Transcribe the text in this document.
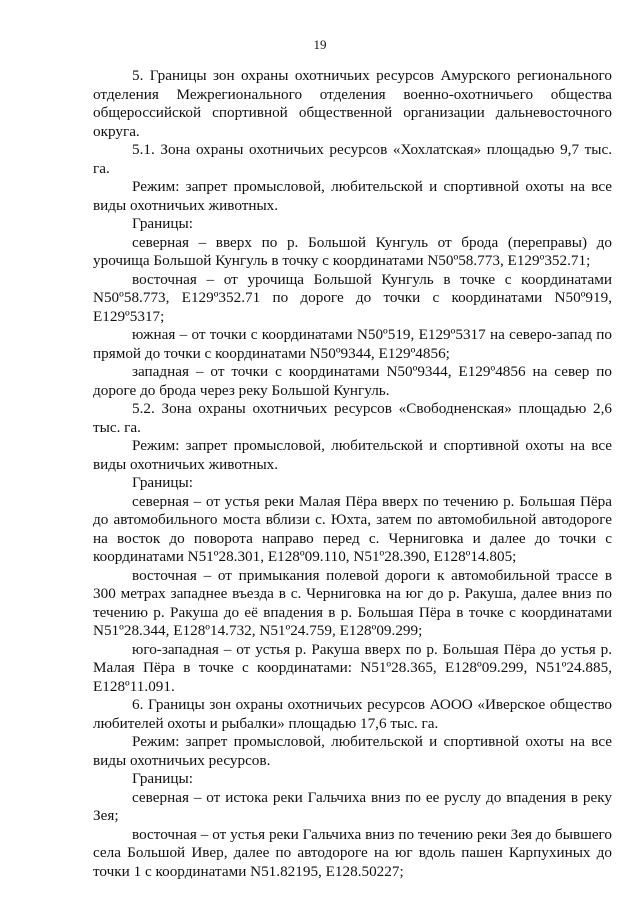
19

5. Границы зон охраны охотничьих ресурсов Амурского регионального отделения Межрегионального отделения военно-охотничьего общества общероссийской спортивной общественной организации дальневосточного округа.

5.1. Зона охраны охотничьих ресурсов «Хохлатская» площадью 9,7 тыс. га.

Режим: запрет промысловой, любительской и спортивной охоты на все виды охотничьих животных.

Границы:

северная – вверх по р. Большой Кунгуль от брода (переправы) до урочища Большой Кунгуль в точку с координатами N50º58.773, E129º352.71;

восточная – от урочища Большой Кунгуль в точке с координатами N50º58.773, E129º352.71 по дороге до точки с координатами N50º919, E129º5317;

южная – от точки с координатами N50º519, E129º5317 на северо-запад по прямой до точки с координатами N50º9344, E129º4856;

западная – от точки с координатами N50º9344, E129º4856 на север по дороге до брода через реку Большой Кунгуль.

5.2. Зона охраны охотничьих ресурсов «Свободненская» площадью 2,6 тыс. га.

Режим: запрет промысловой, любительской и спортивной охоты на все виды охотничьих животных.

Границы:

северная – от устья реки Малая Пёра вверх по течению р. Большая Пёра до автомобильного моста вблизи с. Юхта, затем по автомобильной автодороге на восток до поворота направо перед с. Черниговка и далее до точки с координатами N51º28.301, E128º09.110, N51º28.390, E128º14.805;

восточная – от примыкания полевой дороги к автомобильной трассе в 300 метрах западнее въезда в с. Черниговка на юг до р. Ракуша, далее вниз по течению р. Ракуша до её впадения в р. Большая Пёра в точке с координатами N51º28.344, E128º14.732, N51º24.759, E128º09.299;

юго-западная – от устья р. Ракуша вверх по р. Большая Пёра до устья р. Малая Пёра в точке с координатами: N51º28.365, E128º09.299, N51º24.885, E128º11.091.

6. Границы зон охраны охотничьих ресурсов АООО «Иверское общество любителей охоты и рыбалки» площадью 17,6 тыс. га.

Режим: запрет промысловой, любительской и спортивной охоты на все виды охотничьих ресурсов.

Границы:

северная – от истока реки Гальчиха вниз по ее руслу до впадения в реку Зея;

восточная – от устья реки Гальчиха вниз по течению реки Зея до бывшего села Большой Ивер, далее по автодороге на юг вдоль пашен Карпухиных до точки 1 с координатами N51.82195, E128.50227;
